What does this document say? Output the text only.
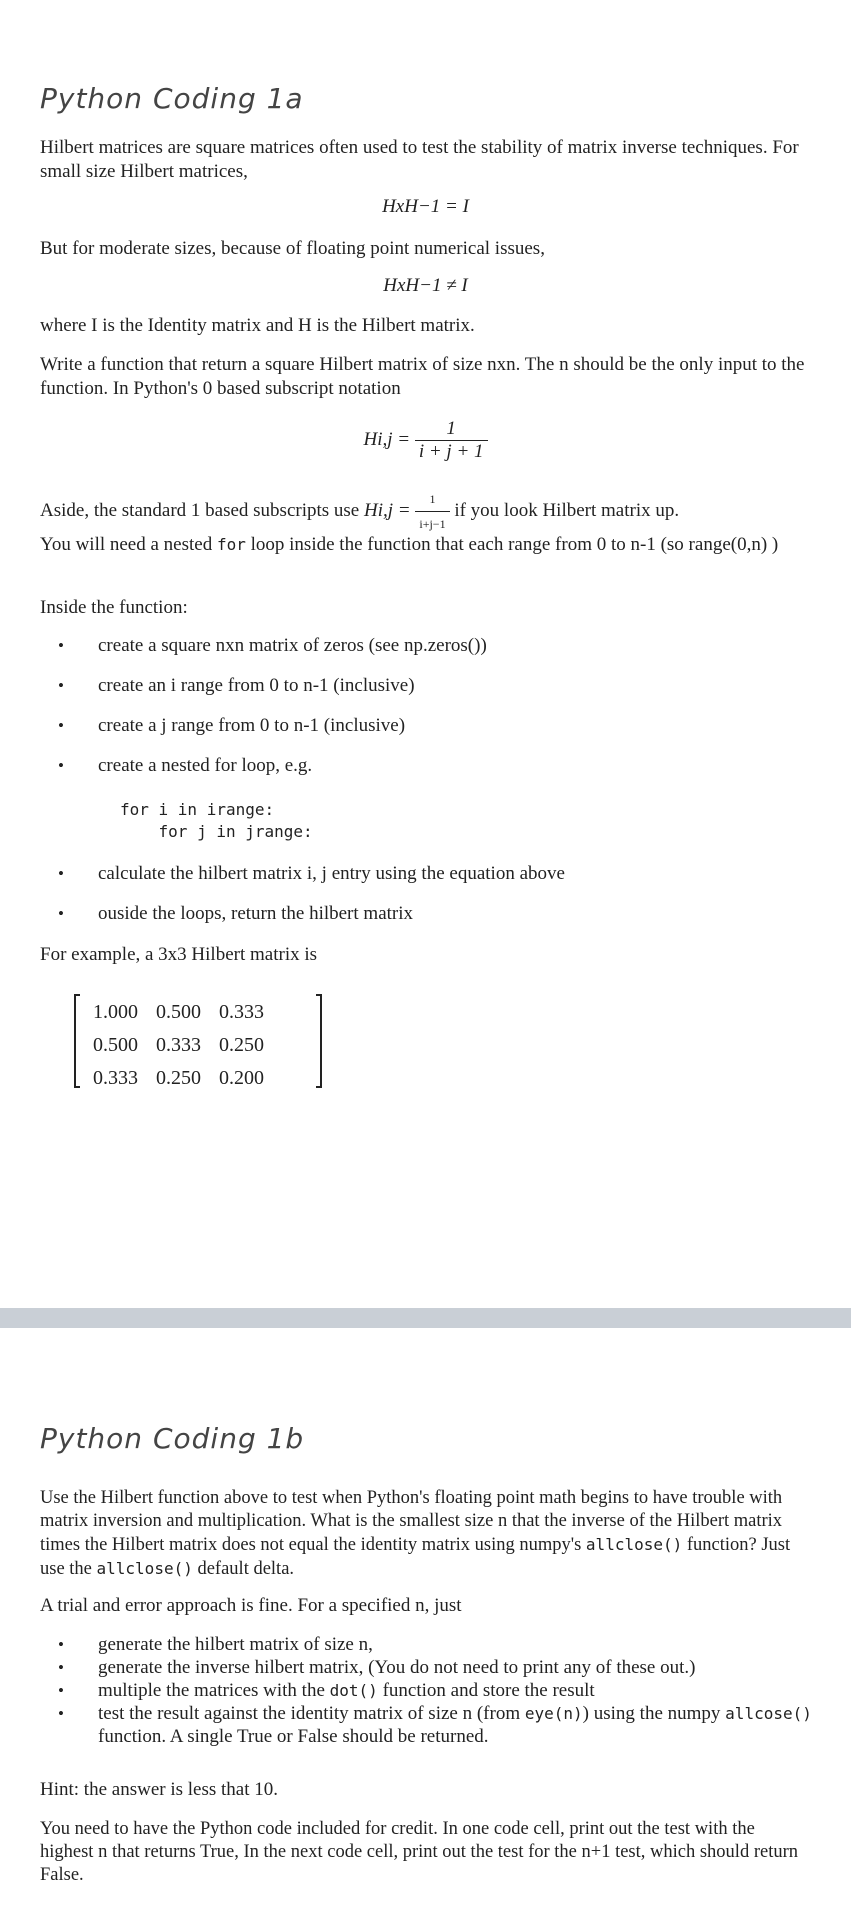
Python Coding 1a
Hilbert matrices are square matrices often used to test the stability of matrix inverse techniques. For small size Hilbert matrices,
HxH−1 = I
But for moderate sizes, because of floating point numerical issues,
HxH−1 ≠ I
where I is the Identity matrix and H is the Hilbert matrix.
Write a function that return a square Hilbert matrix of size nxn. The n should be the only input to the function. In Python's 0 based subscript notation
$Hi,j = \frac{1}{i + j + 1}$
Aside, the standard 1 based subscripts use $Hi,j = \frac{1}{i+j-1}$ if you look Hilbert matrix up.
You will need a nested for loop inside the function that each range from 0 to n-1 (so range(0,n) )
Inside the function:
• create a square nxn matrix of zeros (see np.zeros())
• create an i range from 0 to n-1 (inclusive)
• create a j range from 0 to n-1 (inclusive)
• create a nested for loop, e.g.
for i in irange:
for j in jrange:
• calculate the hilbert matrix i, j entry using the equation above
• ouside the loops, return the hilbert matrix
For example, a 3x3 Hilbert matrix is
1.000	0.500	0.333
0.500	0.333	0.250
0.333	0.250	0.200
Python Coding 1b
Use the Hilbert function above to test when Python's floating point math begins to have trouble with matrix inversion and multiplication. What is the smallest size n that the inverse of the Hilbert matrix times the Hilbert matrix does not equal the identity matrix using numpy's allclose() function? Just use the allclose() default delta.
A trial and error approach is fine. For a specified n, just
• generate the hilbert matrix of size n,
• generate the inverse hilbert matrix, (You do not need to print any of these out.)
• multiple the matrices with the dot() function and store the result
• test the result against the identity matrix of size n (from eye(n)) using the numpy allcose() function. A single True or False should be returned.
Hint: the answer is less that 10.
You need to have the Python code included for credit. In one code cell, print out the test with the highest n that returns True, In the next code cell, print out the test for the n+1 test, which should return False.
